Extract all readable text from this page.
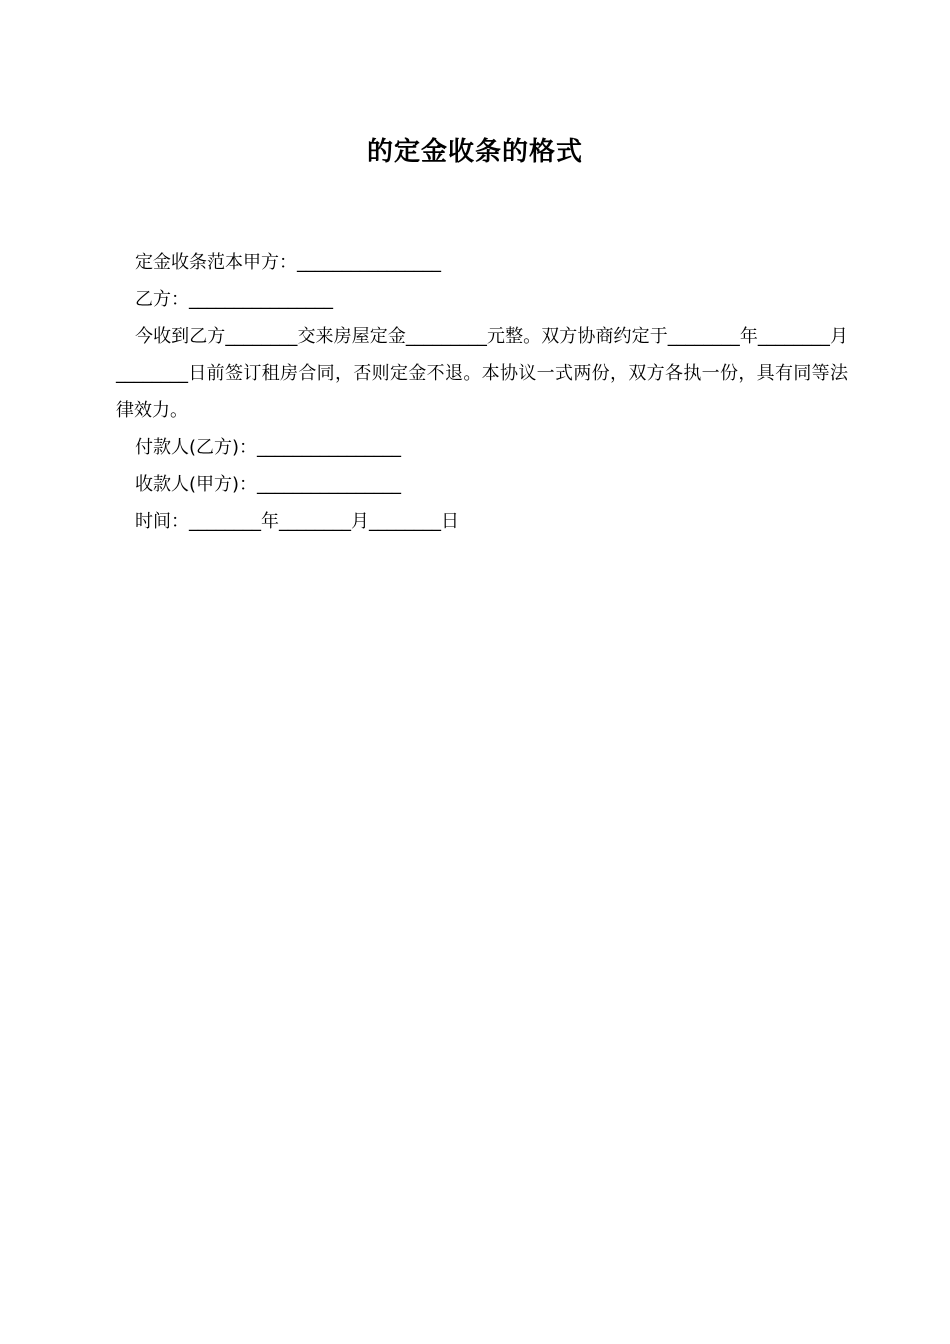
的定金收条的格式

定金收条范本甲方：________________

乙方：________________

今收到乙方________交来房屋定金_________元整。双方协商约定于________年________月________日前签订租房合同，否则定金不退。本协议一式两份，双方各执一份，具有同等法律效力。

付款人(乙方)：________________

收款人(甲方)：________________

时间：________年________月________日
